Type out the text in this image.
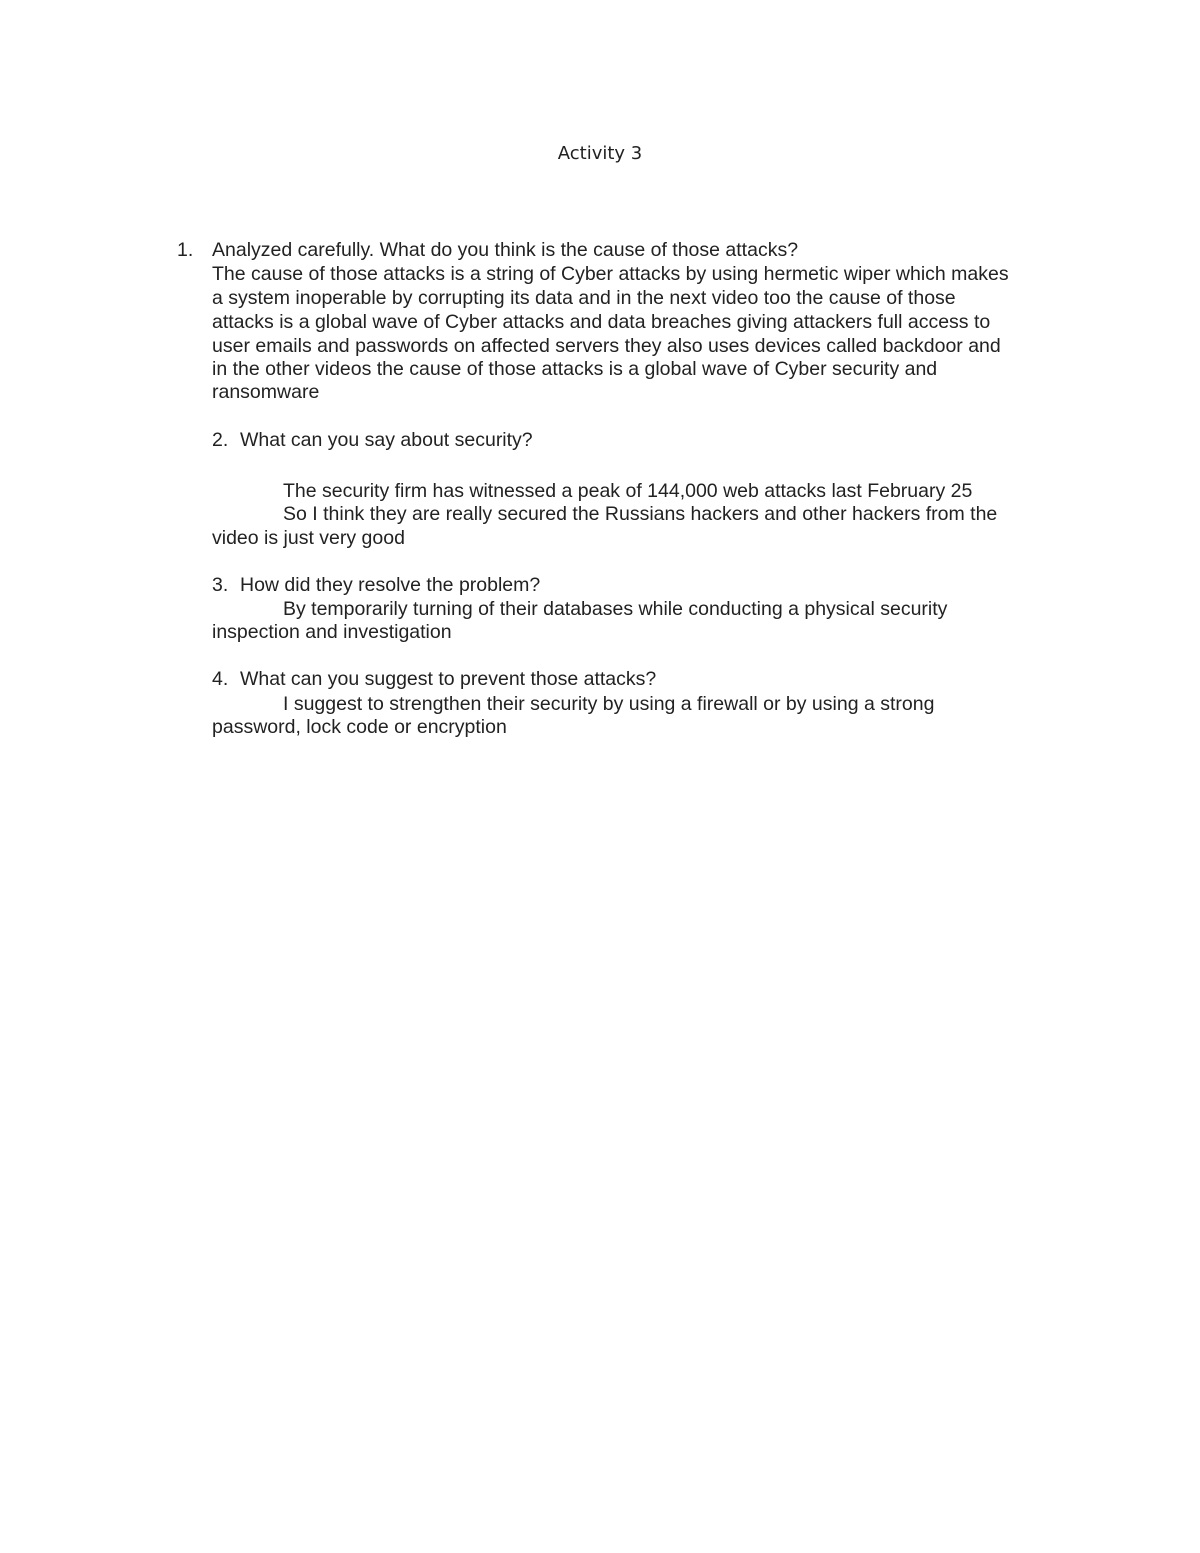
Activity 3
1. Analyzed carefully. What do you think is the cause of those attacks?
The cause of those attacks is a string of Cyber attacks by using hermetic wiper which makes
a system inoperable by corrupting its data and in the next video too the cause of those
attacks is a global wave of Cyber attacks and data breaches giving attackers full access to
user emails and passwords on affected servers they also uses devices called backdoor and
in the other videos the cause of those attacks is a global wave of Cyber security and
ransomware
2. What can you say about security?
The security firm has witnessed a peak of 144,000 web attacks last February 25
So I think they are really secured the Russians hackers and other hackers from the
video is just very good
3. How did they resolve the problem?
By temporarily turning of their databases while conducting a physical security
inspection and investigation
4. What can you suggest to prevent those attacks?
I suggest to strengthen their security by using a firewall or by using a strong
password, lock code or encryption
